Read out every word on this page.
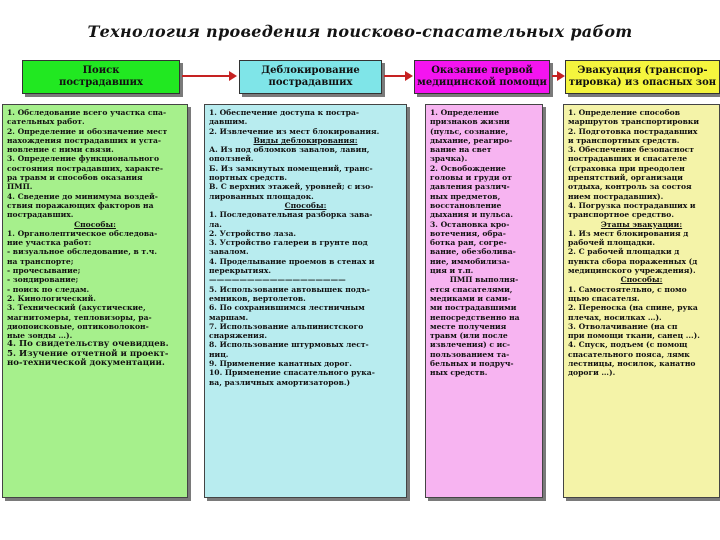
Технология проведения поисково-спасательных работ
Поиск
пострадавших
Деблокирование
пострадавших
Оказание первой
медицинской помощи
Эвакуация (транспор-
тировка) из опасных зон
1. Обследование всего участка спа-
сательных работ.
2. Определение и обозначение мест
нахождения пострадавших и уста-
новление с ними связи.
3. Определение функционального
состояния пострадавших, характе-
ра травм и способов оказания
ПМП.
4. Сведение до минимума воздей-
ствия поражающих факторов на
пострадавших.
Способы:
1. Органолептическое обследова-
ние участка работ:
- визуальное обследование, в т.ч.
на транспорте;
- прочесывание;
- зондирование;
- поиск по следам.
2. Кинологический.
3. Технический (акустические,
магнитомеры, тепловизоры, ра-
диопоисковые, оптиковолокон-
ные зонды …).
4. По свидетельству очевидцев.
5. Изучение отчетной и проект-
но-технической документации.
1. Обеспечение доступа к постра-
давшим.
2. Извлечение из мест блокирования.
Виды деблокирования:
А. Из под обломков завалов, лавин,
оползней.
Б. Из замкнутых помещений, транс-
портных средств.
В. С верхних этажей, уровней; с изо-
лированных площадок.
Способы:
1. Последовательная разборка зава-
ла.
2. Устройство лаза.
3. Устройство галереи в грунте под
завалом.
4. Проделывание проемов в стенах и
перекрытиях.
——————————————————
5. Использование автовышек подъ-
емников, вертолетов.
6. По сохранившимся лестничным
маршам.
7. Использование альпинистского
снаряжения.
8. Использование штурмовых лест-
ниц.
9. Применение канатных дорог.
10. Применение спасательного рука-
ва, различных амортизаторов.)
1. Определение
признаков жизни
(пульс, сознание,
дыхание, реагиро-
вание на свет
зрачка).
2. Освобождение
головы и груди от
давления различ-
ных предметов,
восстановление
дыхания и пульса.
3. Остановка кро-
вотечения, обра-
ботка ран, согре-
вание, обезболива-
ние, иммобилиза-
ция и т.п.
ПМП выполня-
ется спасателями,
медиками и сами-
ми пострадавшими
непосредственно на
месте получения
травм (или после
извлечения) с ис-
пользованием та-
бельных и подруч-
ных средств.
1. Определение способов
маршрутов транспортировки
2. Подготовка пострадавших
и транспортных средств.
3. Обеспечение безопасност
пострадавших и спасателе
(страховка при преодолен
препятствий, организаци
отдыха, контроль за состоя
нием пострадавших).
4. Погрузка пострадавших и
транспортное средство.
Этапы эвакуации:
1. Из мест блокирования д
рабочей площадки.
2. С рабочей площадки д
пункта сбора пораженных (д
медицинского учреждения).
Способы:
1. Самостоятельно, с помо
щью спасателя.
2. Переноска (на спине, рукa
плечах, носилках …).
3. Отволачивание (на сп
при помощи ткани, санец ...).
4. Спуск, подъем (с помощ
спасательного пояса, лямк
лестницы, носилок, канатно
дороги …).
